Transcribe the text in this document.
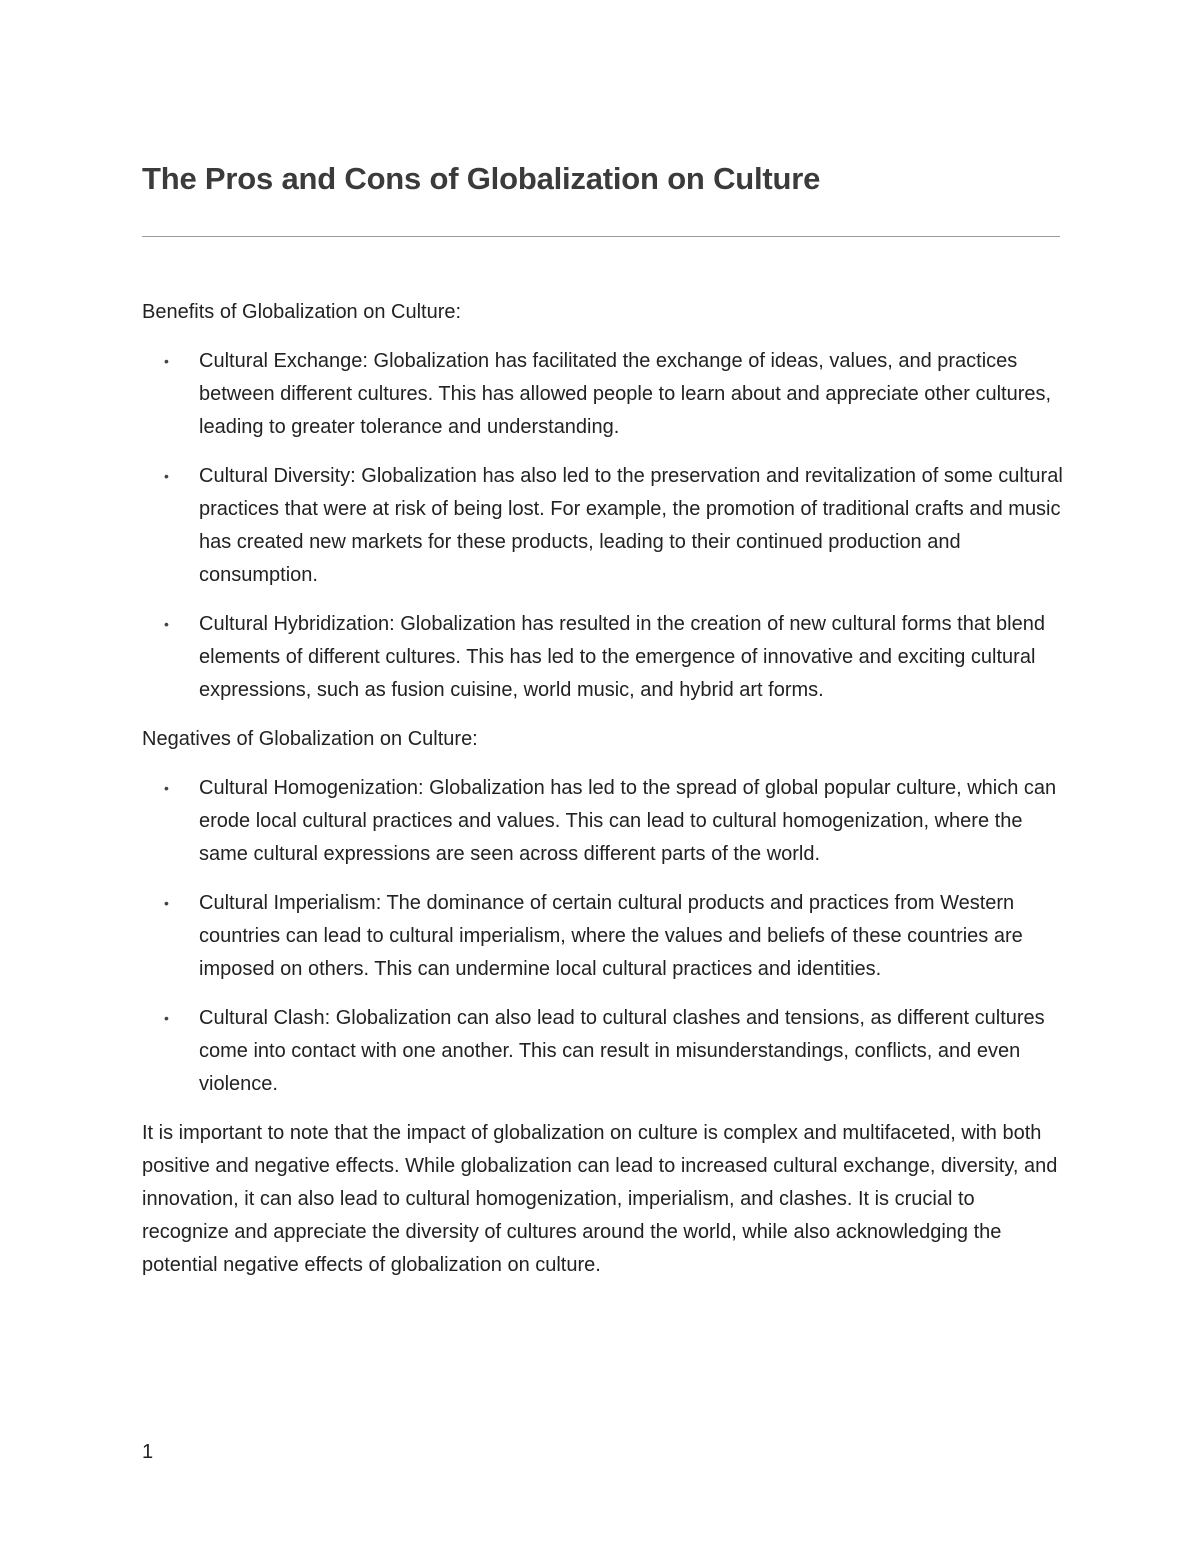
The Pros and Cons of Globalization on Culture

Benefits of Globalization on Culture:

• Cultural Exchange: Globalization has facilitated the exchange of ideas, values, and practices between different cultures. This has allowed people to learn about and appreciate other cultures, leading to greater tolerance and understanding.
• Cultural Diversity: Globalization has also led to the preservation and revitalization of some cultural practices that were at risk of being lost. For example, the promotion of traditional crafts and music has created new markets for these products, leading to their continued production and consumption.
• Cultural Hybridization: Globalization has resulted in the creation of new cultural forms that blend elements of different cultures. This has led to the emergence of innovative and exciting cultural expressions, such as fusion cuisine, world music, and hybrid art forms.

Negatives of Globalization on Culture:

• Cultural Homogenization: Globalization has led to the spread of global popular culture, which can erode local cultural practices and values. This can lead to cultural homogenization, where the same cultural expressions are seen across different parts of the world.
• Cultural Imperialism: The dominance of certain cultural products and practices from Western countries can lead to cultural imperialism, where the values and beliefs of these countries are imposed on others. This can undermine local cultural practices and identities.
• Cultural Clash: Globalization can also lead to cultural clashes and tensions, as different cultures come into contact with one another. This can result in misunderstandings, conflicts, and even violence.

It is important to note that the impact of globalization on culture is complex and multifaceted, with both positive and negative effects. While globalization can lead to increased cultural exchange, diversity, and innovation, it can also lead to cultural homogenization, imperialism, and clashes. It is crucial to recognize and appreciate the diversity of cultures around the world, while also acknowledging the potential negative effects of globalization on culture.

1
